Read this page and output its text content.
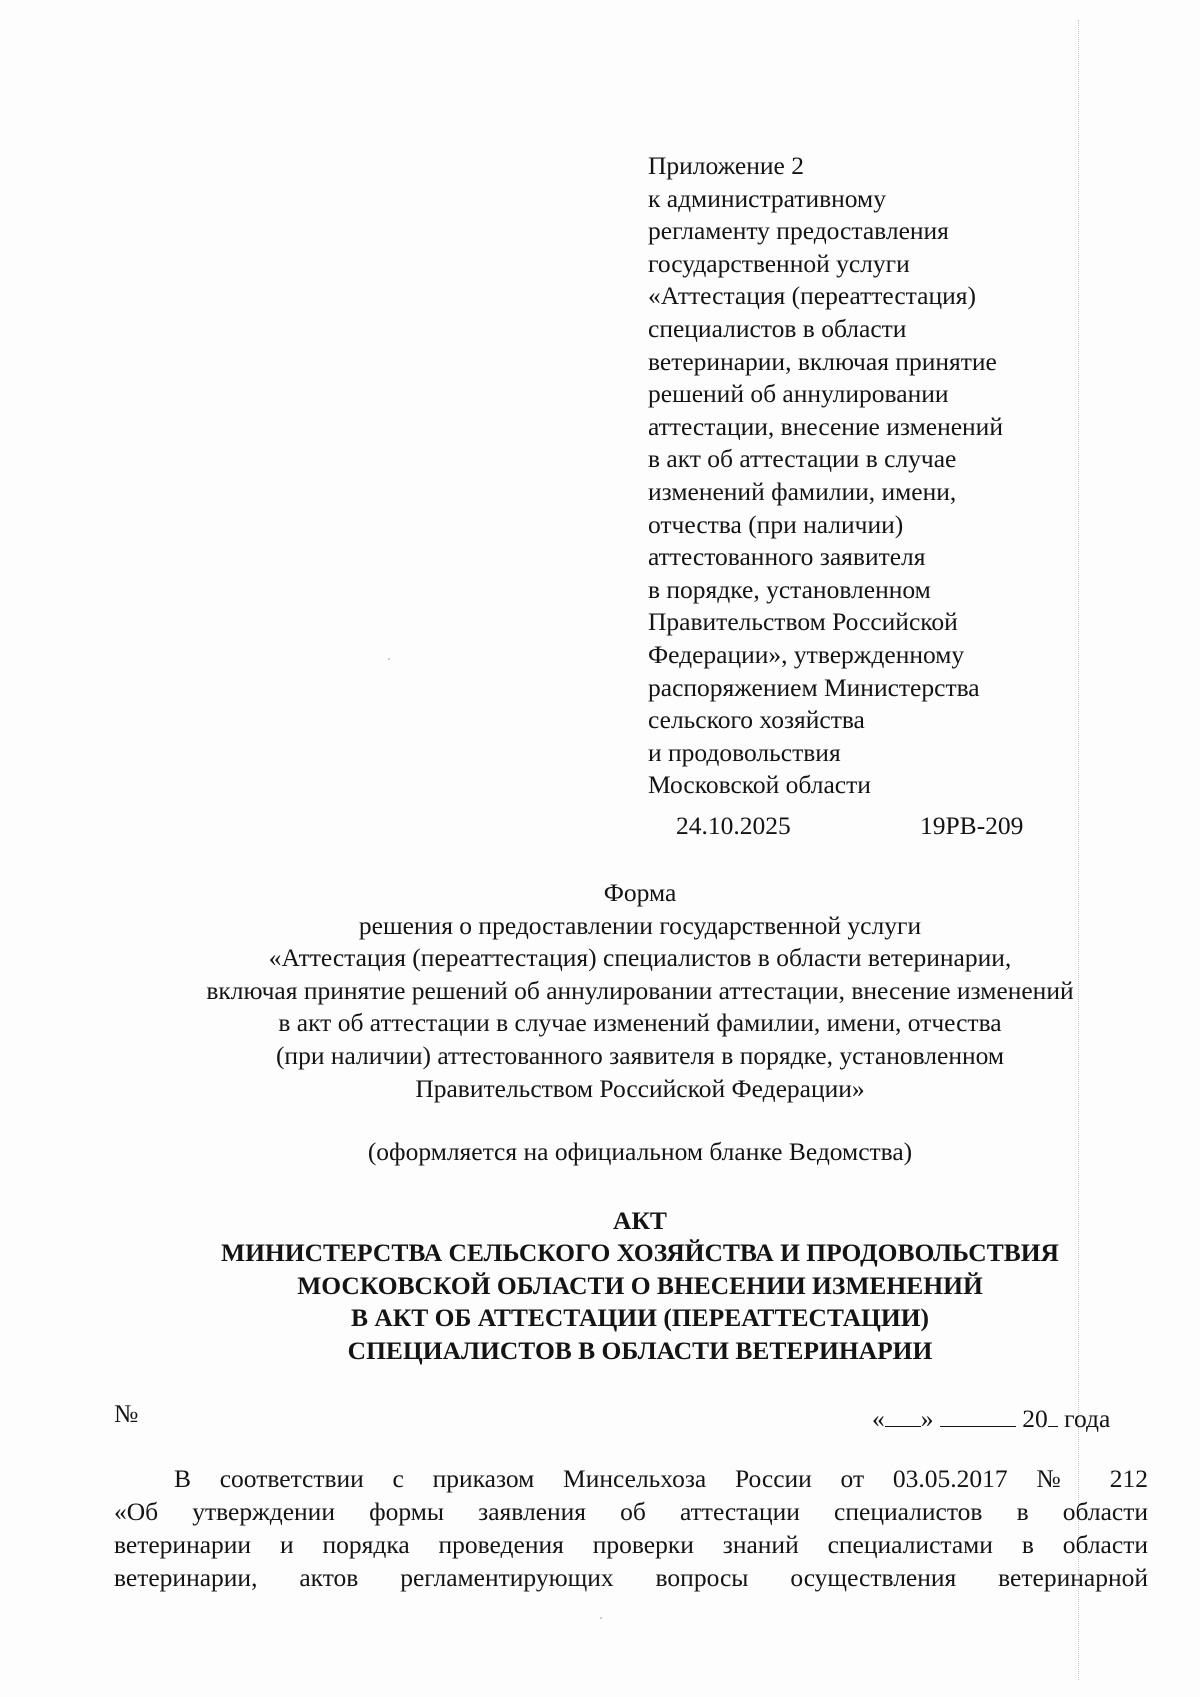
Приложение 2
к административному
регламенту предоставления
государственной услуги
«Аттестация (переаттестация)
специалистов в области
ветеринарии, включая принятие
решений об аннулировании
аттестации, внесение изменений
в акт об аттестации в случае
изменений фамилии, имени,
отчества (при наличии)
аттестованного заявителя
в порядке, установленном
Правительством Российской
Федерации», утвержденному
распоряжением Министерства
сельского хозяйства
и продовольствия
Московской области
24.10.2025	19РВ-209
Форма
решения о предоставлении государственной услуги
«Аттестация (переаттестация) специалистов в области ветеринарии,
включая принятие решений об аннулировании аттестации, внесение изменений
в акт об аттестации в случае изменений фамилии, имени, отчества
(при наличии) аттестованного заявителя в порядке, установленном
Правительством Российской Федерации»
(оформляется на официальном бланке Ведомства)
АКТ
МИНИСТЕРСТВА СЕЛЬСКОГО ХОЗЯЙСТВА И ПРОДОВОЛЬСТВИЯ
МОСКОВСКОЙ ОБЛАСТИ О ВНЕСЕНИИ ИЗМЕНЕНИЙ
В АКТ ОБ АТТЕСТАЦИИ (ПЕРЕАТТЕСТАЦИИ)
СПЕЦИАЛИСТОВ В ОБЛАСТИ ВЕТЕРИНАРИИ
№	« »	20 года
В соответствии с приказом Минсельхоза России от 03.05.2017 № 212
«Об утверждении формы заявления об аттестации специалистов в области
ветеринарии и порядка проведения проверки знаний специалистами в области
ветеринарии, актов регламентирующих вопросы осуществления ветеринарной
